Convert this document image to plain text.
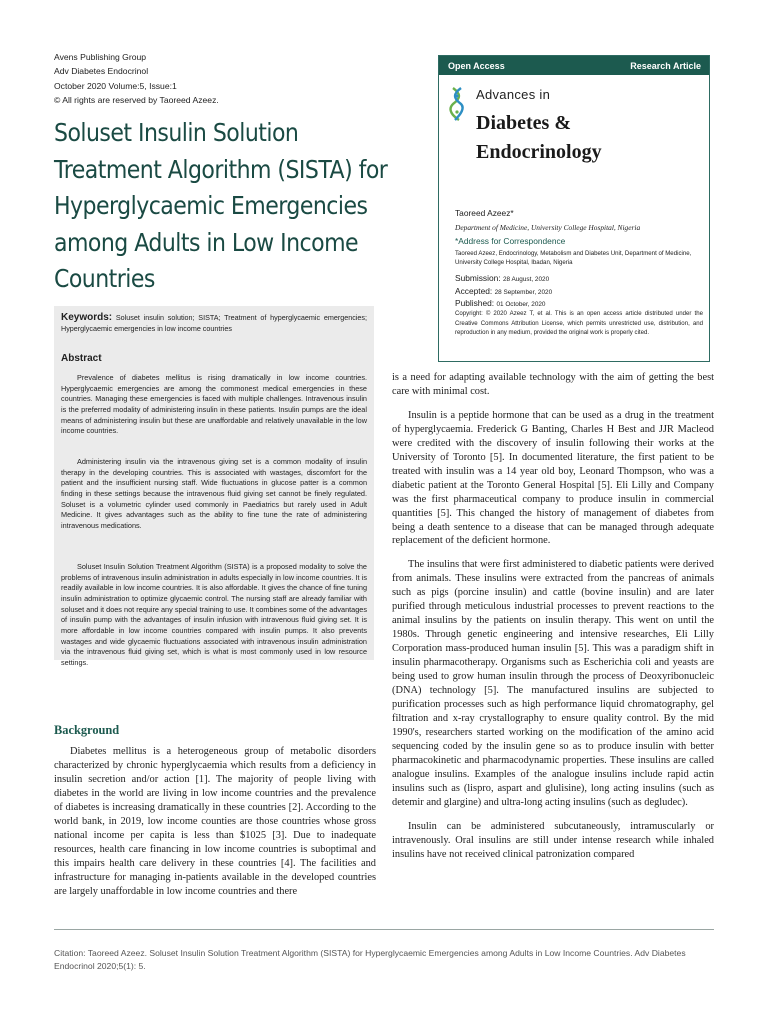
Avens Publishing Group
Adv Diabetes Endocrinol
October 2020 Volume:5, Issue:1
© All rights are reserved by Taoreed Azeez.
Soluset Insulin Solution
Treatment Algorithm (SISTA) for
Hyperglycaemic Emergencies
among Adults in Low Income
Countries
Open Access	Research Article
Advances in
Diabetes &
Endocrinology
Taoreed Azeez*
Department of Medicine, University College Hospital, Nigeria
*Address for Correspondence
Taoreed Azeez, Endocrinology, Metabolism and Diabetes Unit, Department of Medicine, University College Hospital, Ibadan, Nigeria
Submission: 28 August, 2020
Accepted: 28 September, 2020
Published: 01 October, 2020
Copyright: © 2020 Azeez T, et al. This is an open access article distributed under the Creative Commons Attribution License, which permits unrestricted use, distribution, and reproduction in any medium, provided the original work is properly cited.
Keywords: Soluset insulin solution; SISTA; Treatment of hyperglycaemic emergencies; Hyperglycaemic emergencies in low income countries
Abstract

Prevalence of diabetes mellitus is rising dramatically in low income countries. Hyperglycaemic emergencies are among the commonest medical emergencies in these countries. Managing these emergencies is faced with multiple challenges. Intravenous insulin is the preferred modality of administering insulin in these patients. Insulin pumps are the ideal means of administering insulin but these are unaffordable and relatively unavailable in the low income countries.

Administering insulin via the intravenous giving set is a common modality of insulin therapy in the developing countries. This is associated with wastages, discomfort for the patient and the insufficient nursing staff. Wide fluctuations in glucose patter is a common finding in these settings because the intravenous fluid giving set cannot be finely regulated. Soluset is a volumetric cylinder used commonly in Paediatrics but rarely used in Adult Medicine. It gives advantages such as the ability to fine tune the rate of administering intravenous medications.

Soluset Insulin Solution Treatment Algorithm (SISTA) is a proposed modality to solve the problems of intravenous insulin administration in adults especially in low income countries. It is readily available in low income countries. It is also affordable. It gives the chance of fine tuning insulin administration to optimize glycaemic control. The nursing staff are already familiar with soluset and it does not require any special training to use. It combines some of the advantages of insulin pump with the advantages of insulin infusion with intravenous fluid giving set. It is more affordable in low income countries compared with insulin pumps. It also prevents wastages and wide glycaemic fluctuations associated with intravenous insulin administration via the intravenous fluid giving set, which is what is most commonly used in low resource settings.

Background

Diabetes mellitus is a heterogeneous group of metabolic disorders characterized by chronic hyperglycaemia which results from a deficiency in insulin secretion and/or action [1]. The majority of people living with diabetes in the world are living in low income countries and the prevalence of diabetes is increasing dramatically in these countries [2]. According to the world bank, in 2019, low income counties are those countries whose gross national income per capita is less than $1025 [3]. Due to inadequate resources, health care financing in low income countries is suboptimal and this impairs health care delivery in these countries [4]. The facilities and infrastructure for managing in-patients available in the developed countries are largely unaffordable in low income countries and there

is a need for adapting available technology with the aim of getting the best care with minimal cost.

Insulin is a peptide hormone that can be used as a drug in the treatment of hyperglycaemia. Frederick G Banting, Charles H Best and JJR Macleod were credited with the discovery of insulin following their works at the University of Toronto [5]. In documented literature, the first patient to be treated with insulin was a 14 year old boy, Leonard Thompson, who was a diabetic patient at the Toronto General Hospital [5]. Eli Lilly and Company was the first pharmaceutical company to produce insulin in commercial quantities [5]. This changed the history of management of diabetes from being a death sentence to a disease that can be managed through adequate replacement of the deficient hormone.

The insulins that were first administered to diabetic patients were derived from animals. These insulins were extracted from the pancreas of animals such as pigs (porcine insulin) and cattle (bovine insulin) and are later purified through meticulous industrial processes to prevent reactions to the animal insulins by the patients on insulin therapy. This went on until the 1980s. Through genetic engineering and intensive researches, Eli Lilly Corporation mass-produced human insulin [5]. This was a paradigm shift in insulin pharmacotherapy. Organisms such as Escherichia coli and yeasts are being used to grow human insulin through the process of Deoxyribonucleic (DNA) technology [5]. The manufactured insulins are subjected to purification processes such as high performance liquid chromatography, gel filtration and x-ray crystallography to ensure quality control. By the mid 1990's, researchers started working on the modification of the amino acid sequencing coded by the insulin gene so as to produce insulin with better pharmacokinetic and pharmacodynamic properties. These insulins are called analogue insulins. Examples of the analogue insulins include rapid actin insulins such as (lispro, aspart and glulisine), long acting insulins (such as detemir and glargine) and ultra-long acting insulins (such as degludec).

Insulin can be administered subcutaneously, intramuscularly or intravenously. Oral insulins are still under intense research while inhaled insulins have not received clinical patronization compared

Citation: Taoreed Azeez. Soluset Insulin Solution Treatment Algorithm (SISTA) for Hyperglycaemic Emergencies among Adults in Low Income Countries. Adv Diabetes Endocrinol 2020;5(1): 5.
